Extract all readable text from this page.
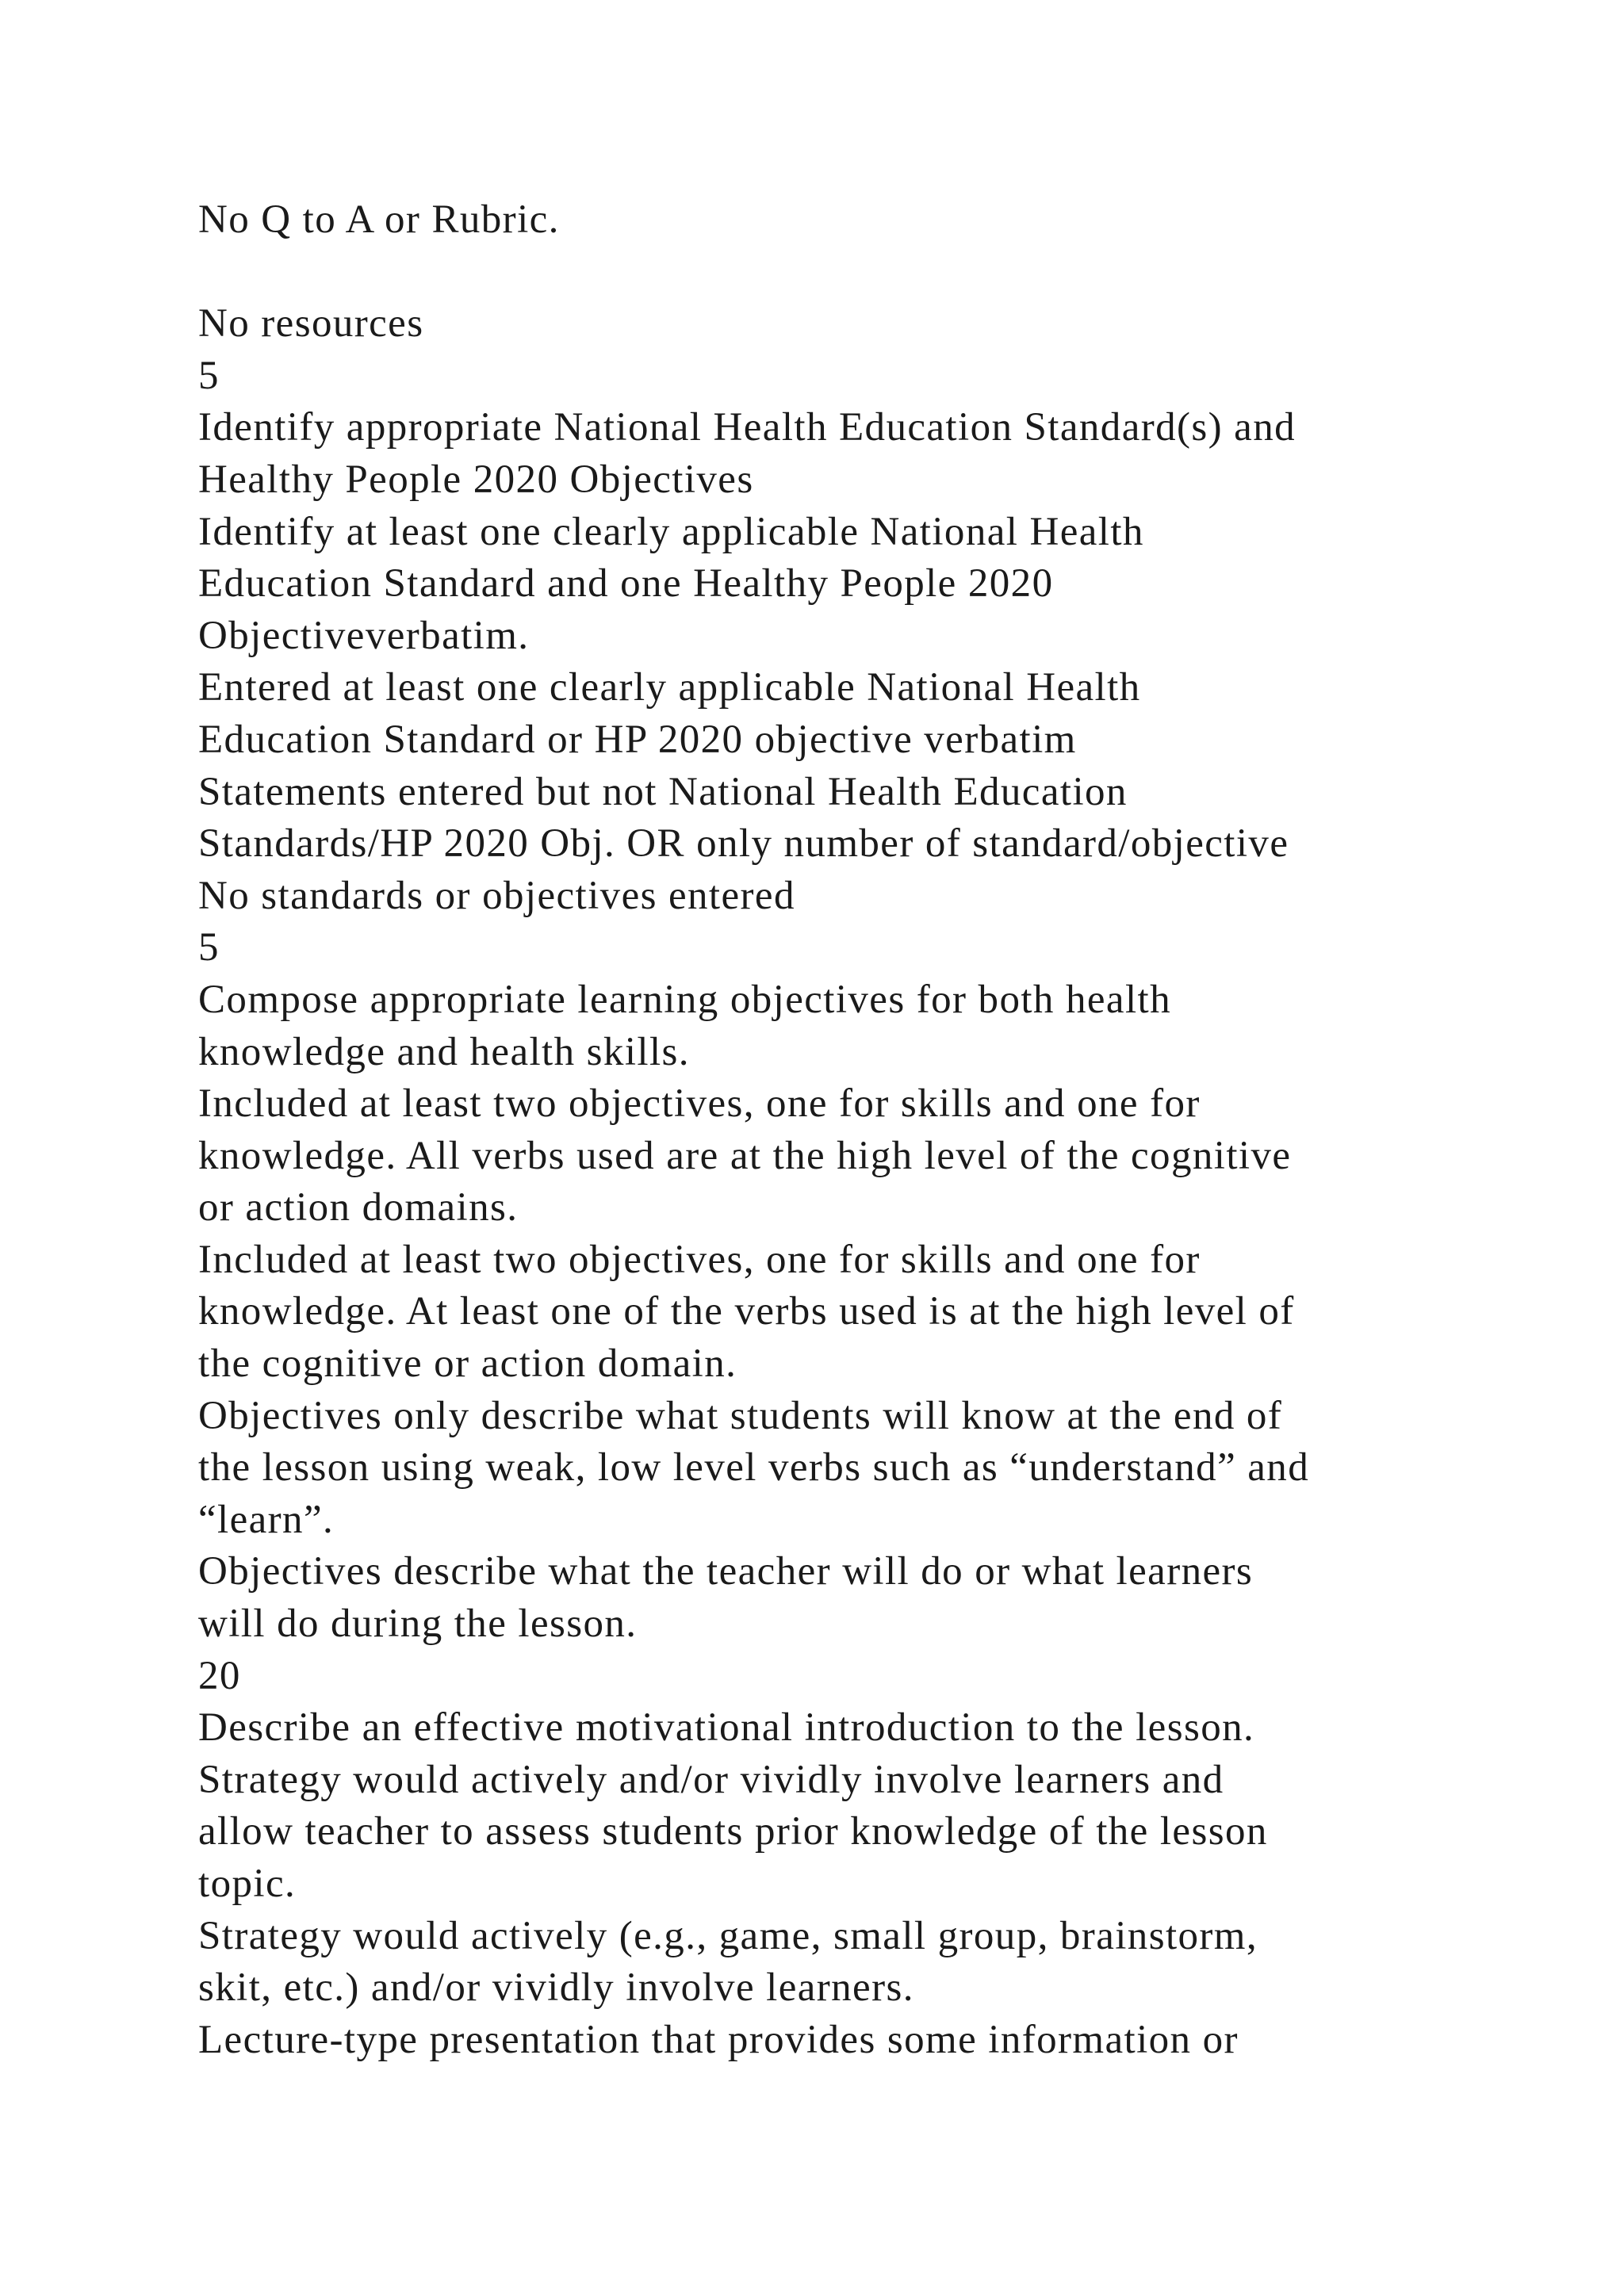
No Q to A or Rubric.
No resources
5
Identify appropriate National Health Education Standard(s) and
Healthy People 2020 Objectives
Identify at least one clearly applicable National Health
Education Standard and one Healthy People 2020
Objectiveverbatim.
Entered at least one clearly applicable National Health
Education Standard or HP 2020 objective verbatim
Statements entered but not National Health Education
Standards/HP 2020 Obj. OR only number of standard/objective
No standards or objectives entered
5
Compose appropriate learning objectives for both health
knowledge and health skills.
Included at least two objectives, one for skills and one for
knowledge. All verbs used are at the high level of the cognitive
or action domains.
Included at least two objectives, one for skills and one for
knowledge. At least one of the verbs used is at the high level of
the cognitive or action domain.
Objectives only describe what students will know at the end of
the lesson using weak, low level verbs such as “understand” and
“learn”.
Objectives describe what the teacher will do or what learners
will do during the lesson.
20
Describe an effective motivational introduction to the lesson.
Strategy would actively and/or vividly involve learners and
allow teacher to assess students prior knowledge of the lesson
topic.
Strategy would actively (e.g., game, small group, brainstorm,
skit, etc.) and/or vividly involve learners.
Lecture-type presentation that provides some information or
